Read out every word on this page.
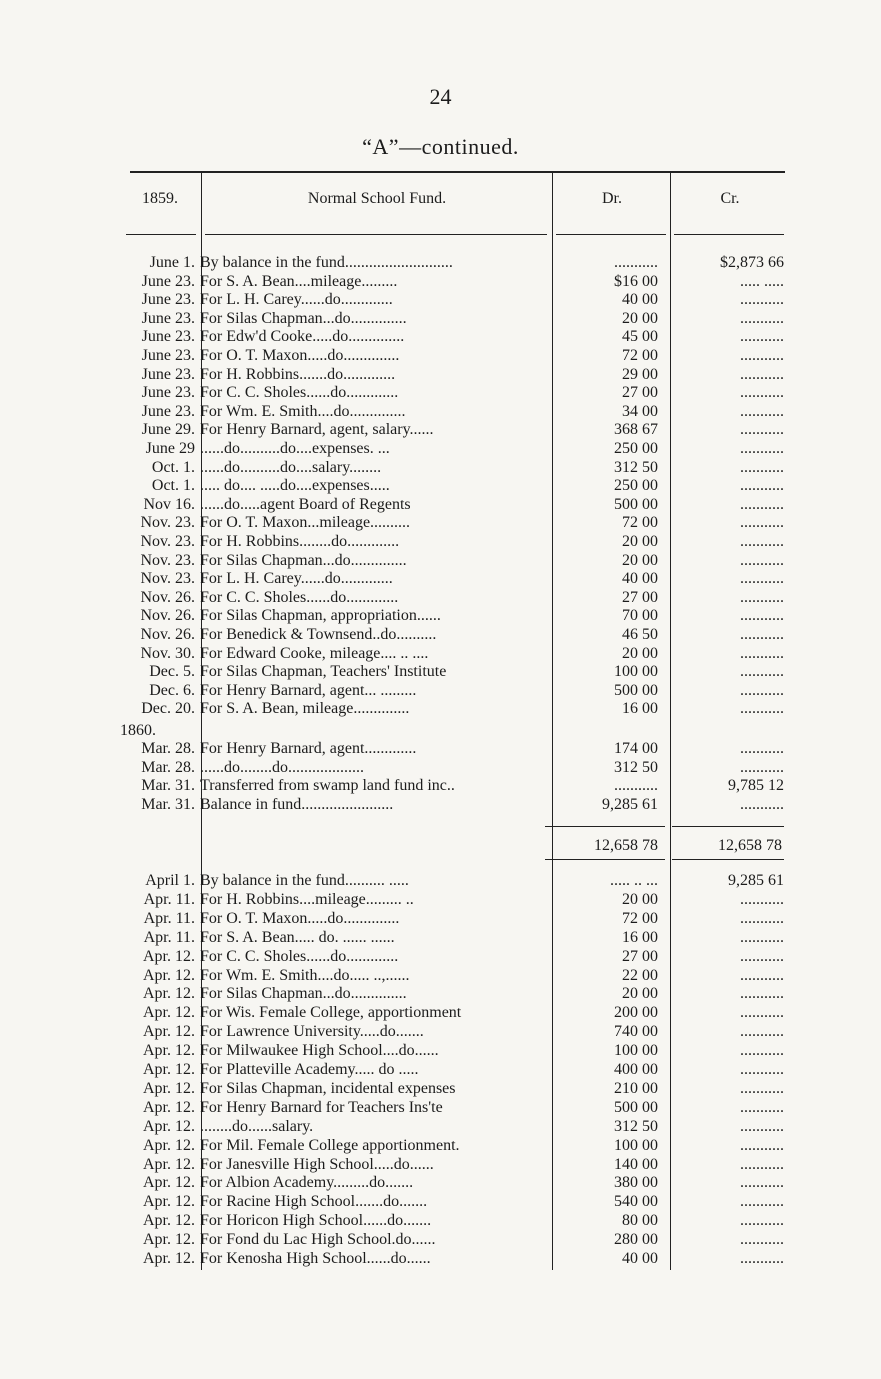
24
“A”—continued.
1859.	Normal School Fund.	Dr.	Cr.
June 1. By balance in the fund...........................	...........	$2,873 66
June 23. For S. A. Bean....mileage.........	$16 00	..... .....
June 23. For L. H. Carey......do.............	40 00	...........
June 23. For Silas Chapman...do..............	20 00	...........
June 23. For Edw'd Cooke.....do..............	45 00	...........
June 23. For O. T. Maxon.....do..............	72 00	...........
June 23. For H. Robbins.......do.............	29 00	...........
June 23. For C. C. Sholes......do.............	27 00	...........
June 23. For Wm. E. Smith....do..............	34 00	...........
June 29. For Henry Barnard, agent, salary......	368 67	...........
June 29 ......do..........do....expenses. ...	250 00	...........
Oct. 1. ......do..........do....salary........	312 50	...........
Oct. 1. ..... do.... .....do....expenses.....	250 00	...........
Nov 16. ......do.....agent Board of Regents	500 00	...........
Nov. 23. For O. T. Maxon...mileage..........	72 00	...........
Nov. 23. For H. Robbins........do.............	20 00	...........
Nov. 23. For Silas Chapman...do..............	20 00	...........
Nov. 23. For L. H. Carey......do.............	40 00	...........
Nov. 26. For C. C. Sholes......do.............	27 00	...........
Nov. 26. For Silas Chapman, appropriation......	70 00	...........
Nov. 26. For Benedick & Townsend..do..........	46 50	...........
Nov. 30. For Edward Cooke, mileage.... .. ....	20 00	...........
Dec. 5. For Silas Chapman, Teachers' Institute	100 00	...........
Dec. 6. For Henry Barnard, agent... .........	500 00	...........
Dec. 20. For S. A. Bean, mileage..............	16 00	...........
1860.
Mar. 28. For Henry Barnard, agent.............	174 00	...........
Mar. 28. ......do........do...................	312 50	...........
Mar. 31. Transferred from swamp land fund inc..	...........	9,785 12
Mar. 31. Balance in fund.......................	9,285 61	...........
12,658 78	12,658 78
April 1. By balance in the fund.......... .....	..... .. ...	9,285 61
Apr. 11. For H. Robbins....mileage......... ..	20 00	...........
Apr. 11. For O. T. Maxon.....do..............	72 00	...........
Apr. 11. For S. A. Bean..... do. ...... ......	16 00	...........
Apr. 12. For C. C. Sholes......do.............	27 00	...........
Apr. 12. For Wm. E. Smith....do..... ..,......	22 00	...........
Apr. 12. For Silas Chapman...do..............	20 00	...........
Apr. 12. For Wis. Female College, apportionment	200 00	...........
Apr. 12. For Lawrence University.....do.......	740 00	...........
Apr. 12. For Milwaukee High School....do......	100 00	...........
Apr. 12. For Platteville Academy..... do .....	400 00	...........
Apr. 12. For Silas Chapman, incidental expenses	210 00	...........
Apr. 12. For Henry Barnard for Teachers Ins'te	500 00	...........
Apr. 12. ........do......salary.	312 50	...........
Apr. 12. For Mil. Female College apportionment.	100 00	...........
Apr. 12. For Janesville High School.....do......	140 00	...........
Apr. 12. For Albion Academy.........do.......	380 00	...........
Apr. 12. For Racine High School.......do.......	540 00	...........
Apr. 12. For Horicon High School......do.......	80 00	...........
Apr. 12. For Fond du Lac High School.do......	280 00	...........
Apr. 12. For Kenosha High School......do......	40 00	...........
